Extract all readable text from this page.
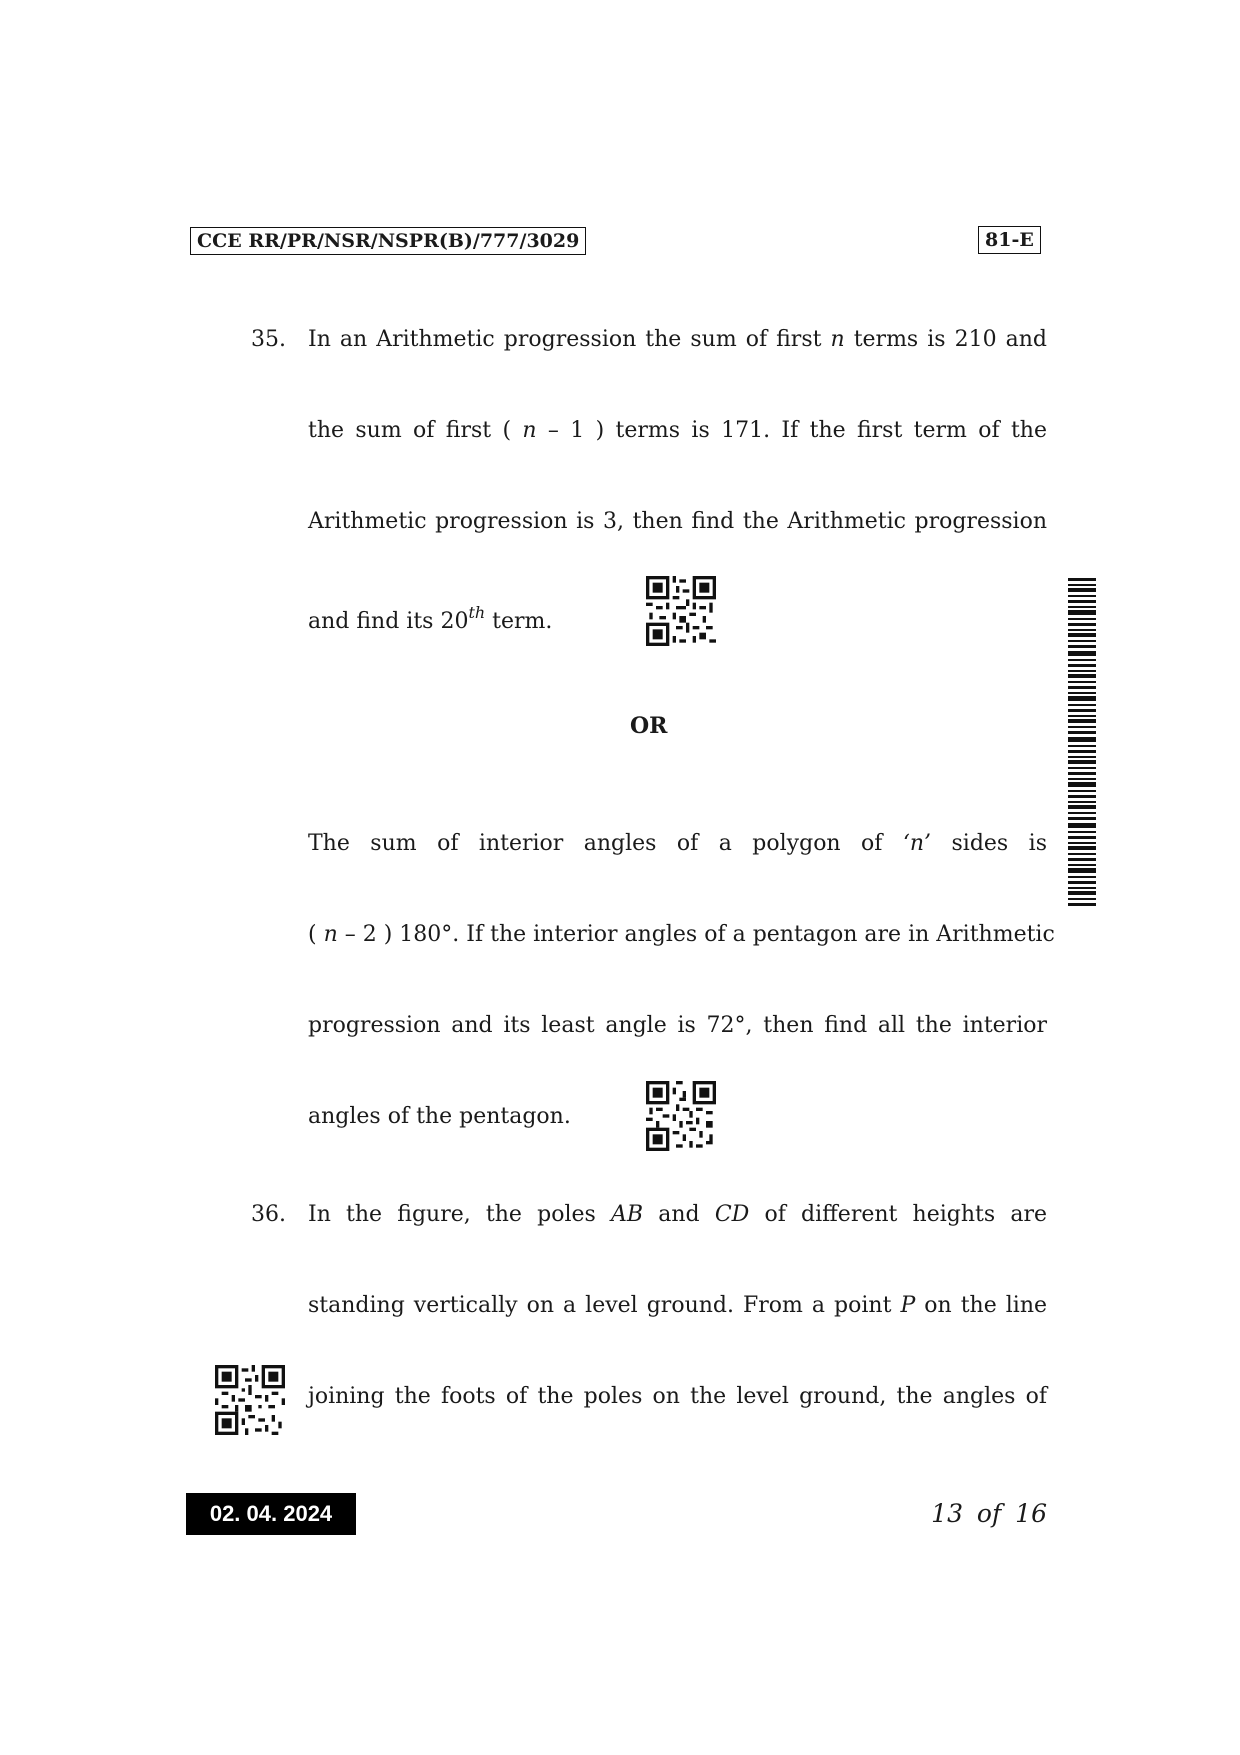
CCE RR/PR/NSR/NSPR(B)/777/3029	81-E
35. In an Arithmetic progression the sum of first n terms is 210 and
the sum of first ( n – 1 ) terms is 171. If the first term of the
Arithmetic progression is 3, then find the Arithmetic progression
and find its 20th term.
OR
The sum of interior angles of a polygon of ‘n’ sides is
( n – 2 ) 180°. If the interior angles of a pentagon are in Arithmetic
progression and its least angle is 72°, then find all the interior
angles of the pentagon.
36. In the figure, the poles AB and CD of different heights are
standing vertically on a level ground. From a point P on the line
joining the foots of the poles on the level ground, the angles of
02. 04. 2024	13 of 16
